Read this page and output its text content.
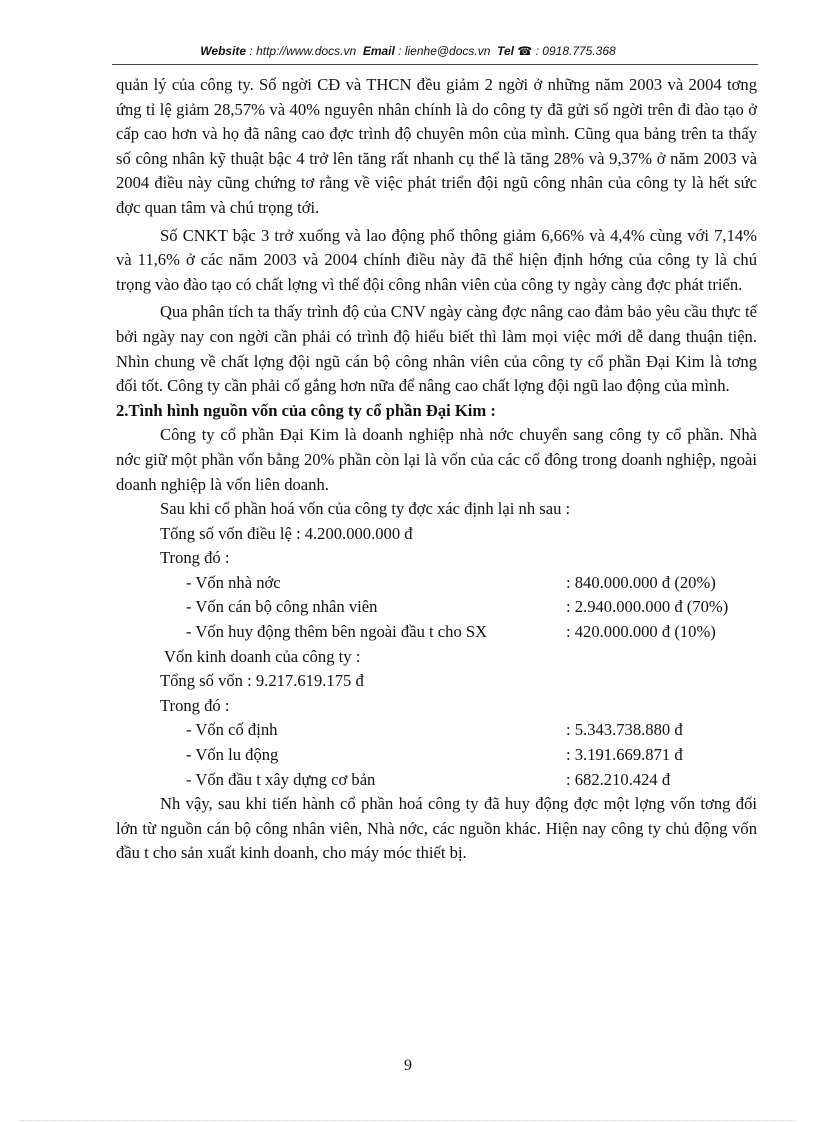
Website : http://www.docs.vn Email : lienhe@docs.vn Tel ☎ : 0918.775.368

quản lý của công ty. Số ngời CĐ và THCN đều giảm 2 ngời ở những năm 2003 và 2004 tơng ứng tỉ lệ giảm 28,57% và 40% nguyên nhân chính là do công ty đã gửi số ngời trên đi đào tạo ở cấp cao hơn và họ đã nâng cao đợc trình độ chuyên môn của mình. Cũng qua bảng trên ta thấy số công nhân kỹ thuật bậc 4 trở lên tăng rất nhanh cụ thể là tăng 28% và 9,37% ở năm 2003 và 2004 điều này cũng chứng tơ rằng về việc phát triển đội ngũ công nhân của công ty là hết sức đợc quan tâm và chú trọng tới.

Số CNKT bậc 3 trở xuống và lao động phổ thông giảm 6,66% và 4,4% cùng với 7,14% và 11,6% ở các năm 2003 và 2004 chính điều này đã thể hiện định hớng của công ty là chú trọng vào đào tạo có chất lợng vì thế đội công nhân viên của công ty ngày càng đợc phát triển.

Qua phân tích ta thấy trình độ của CNV ngày càng đợc nâng cao đảm bảo yêu cầu thực tế bởi ngày nay con ngời cần phải có trình độ hiểu biết thì làm mọi việc mới dễ dang thuận tiện. Nhìn chung về chất lợng đội ngũ cán bộ công nhân viên của công ty cổ phần Đại Kim là tơng đối tốt. Công ty cần phải cố gắng hơn nữa để nâng cao chất lợng đội ngũ lao động của mình.

2.Tình hình nguồn vốn của công ty cổ phần Đại Kim :

Công ty cổ phần Đại Kim là doanh nghiệp nhà nớc chuyển sang công ty cổ phần. Nhà nớc giữ một phần vốn bằng 20% phần còn lại là vốn của các cổ đông trong doanh nghiệp, ngoài doanh nghiệp là vốn liên doanh.

Sau khi cổ phần hoá vốn của công ty đợc xác định lại nh sau :

Tổng số vốn điều lệ : 4.200.000.000 đ

Trong đó :

- Vốn nhà nớc	: 840.000.000 đ (20%)

- Vốn cán bộ công nhân viên	: 2.940.000.000 đ (70%)

- Vốn huy động thêm bên ngoài đầu t cho SX	: 420.000.000 đ (10%)

Vốn kinh doanh của công ty :

Tổng số vốn : 9.217.619.175 đ

Trong đó :

- Vốn cố định	: 5.343.738.880 đ

- Vốn lu động	: 3.191.669.871 đ

- Vốn đầu t xây dựng cơ bản	: 682.210.424 đ

Nh vậy, sau khi tiến hành cổ phần hoá công ty đã huy động đợc một lợng vốn tơng đối lớn từ nguồn cán bộ công nhân viên, Nhà nớc, các nguồn khác. Hiện nay công ty chủ động vốn đầu t cho sản xuất kinh doanh, cho máy móc thiết bị.

9
